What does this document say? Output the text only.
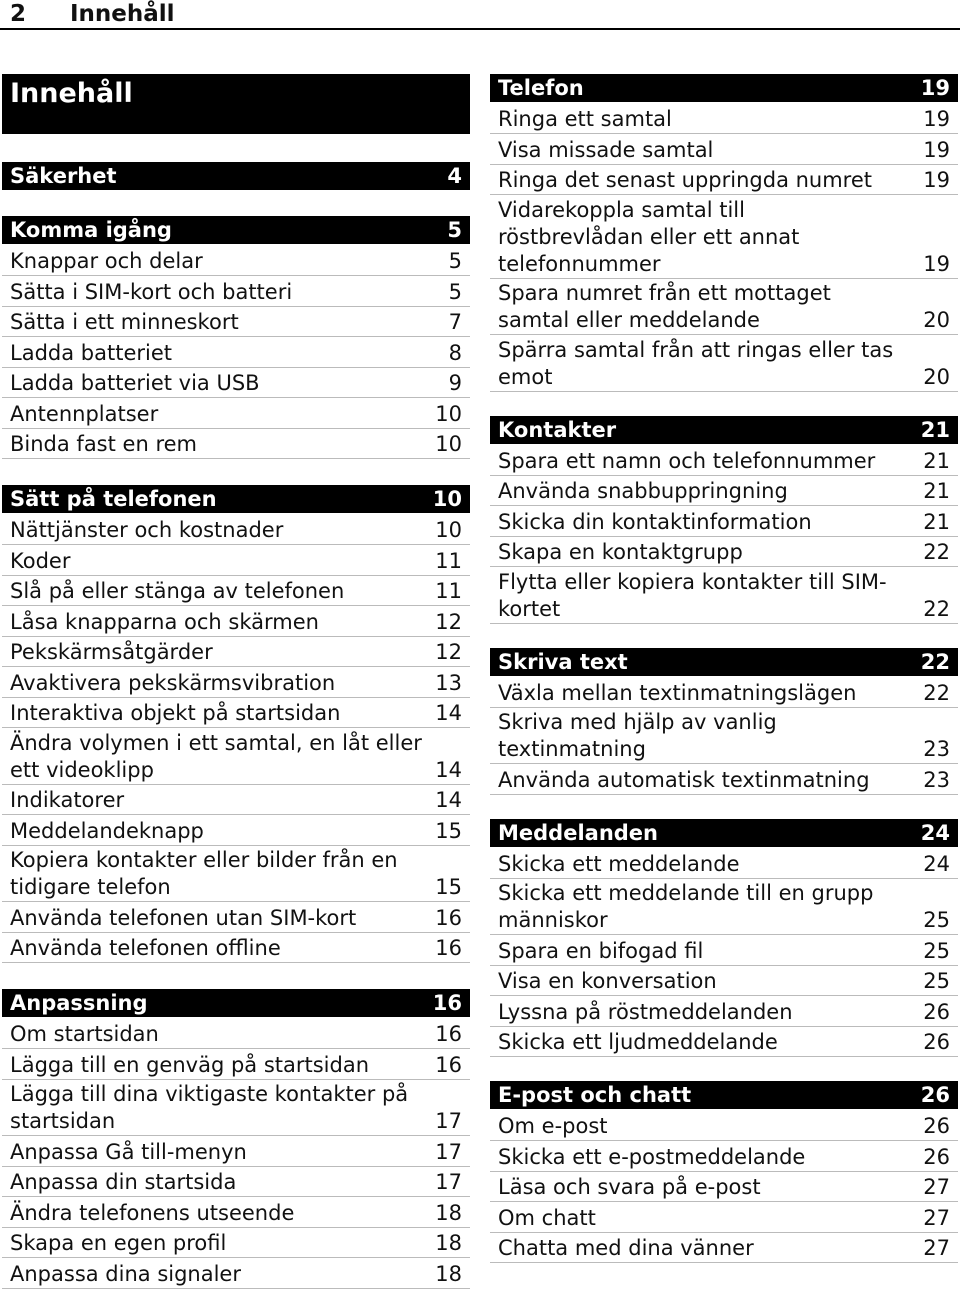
2 Innehåll
Innehåll
Säkerhet	4
Komma igång	5
Knappar och delar	5
Sätta i SIM-kort och batteri	5
Sätta i ett minneskort	7
Ladda batteriet	8
Ladda batteriet via USB	9
Antennplatser	10
Binda fast en rem	10
Sätt på telefonen	10
Nättjänster och kostnader	10
Koder	11
Slå på eller stänga av telefonen	11
Låsa knapparna och skärmen	12
Pekskärmsåtgärder	12
Avaktivera pekskärmsvibration	13
Interaktiva objekt på startsidan	14
Ändra volymen i ett samtal, en låt eller
ett videoklipp	14
Indikatorer	14
Meddelandeknapp	15
Kopiera kontakter eller bilder från en
tidigare telefon	15
Använda telefonen utan SIM-kort	16
Använda telefonen offline	16
Anpassning	16
Om startsidan	16
Lägga till en genväg på startsidan	16
Lägga till dina viktigaste kontakter på
startsidan	17
Anpassa Gå till-menyn	17
Anpassa din startsida	17
Ändra telefonens utseende	18
Skapa en egen profil	18
Anpassa dina signaler	18
Telefon	19
Ringa ett samtal	19
Visa missade samtal	19
Ringa det senast uppringda numret	19
Vidarekoppla samtal till
röstbrevlådan eller ett annat
telefonnummer	19
Spara numret från ett mottaget
samtal eller meddelande	20
Spärra samtal från att ringas eller tas
emot	20
Kontakter	21
Spara ett namn och telefonnummer	21
Använda snabbuppringning	21
Skicka din kontaktinformation	21
Skapa en kontaktgrupp	22
Flytta eller kopiera kontakter till SIM-
kortet	22
Skriva text	22
Växla mellan textinmatningslägen	22
Skriva med hjälp av vanlig
textinmatning	23
Använda automatisk textinmatning	23
Meddelanden	24
Skicka ett meddelande	24
Skicka ett meddelande till en grupp
människor	25
Spara en bifogad fil	25
Visa en konversation	25
Lyssna på röstmeddelanden	26
Skicka ett ljudmeddelande	26
E-post och chatt	26
Om e-post	26
Skicka ett e-postmeddelande	26
Läsa och svara på e-post	27
Om chatt	27
Chatta med dina vänner	27
